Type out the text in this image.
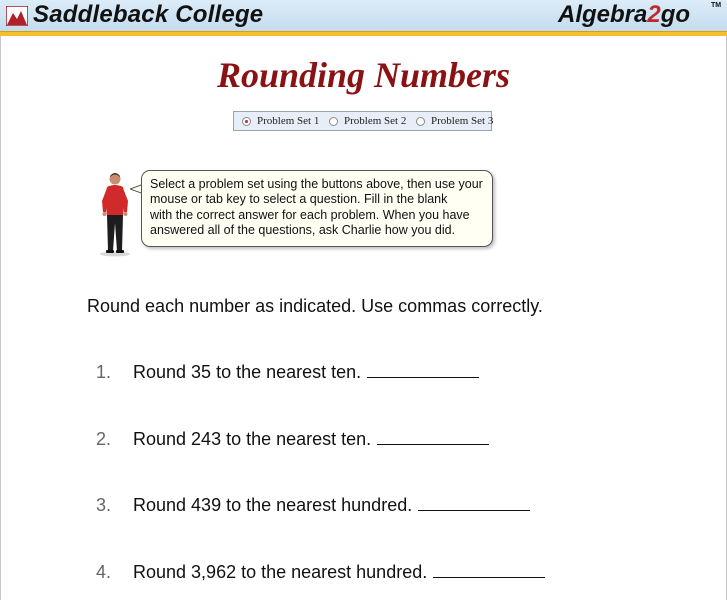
Saddleback College	Algebra2go	TM
Rounding Numbers
Problem Set 1 Problem Set 2 Problem Set 3
Select a problem set using the buttons above, then use your
mouse or tab key to select a question. Fill in the blank
with the correct answer for each problem. When you have
answered all of the questions, ask Charlie how you did.
Round each number as indicated. Use commas correctly.
1. Round 35 to the nearest ten.
2. Round 243 to the nearest ten.
3. Round 439 to the nearest hundred.
4. Round 3,962 to the nearest hundred.
